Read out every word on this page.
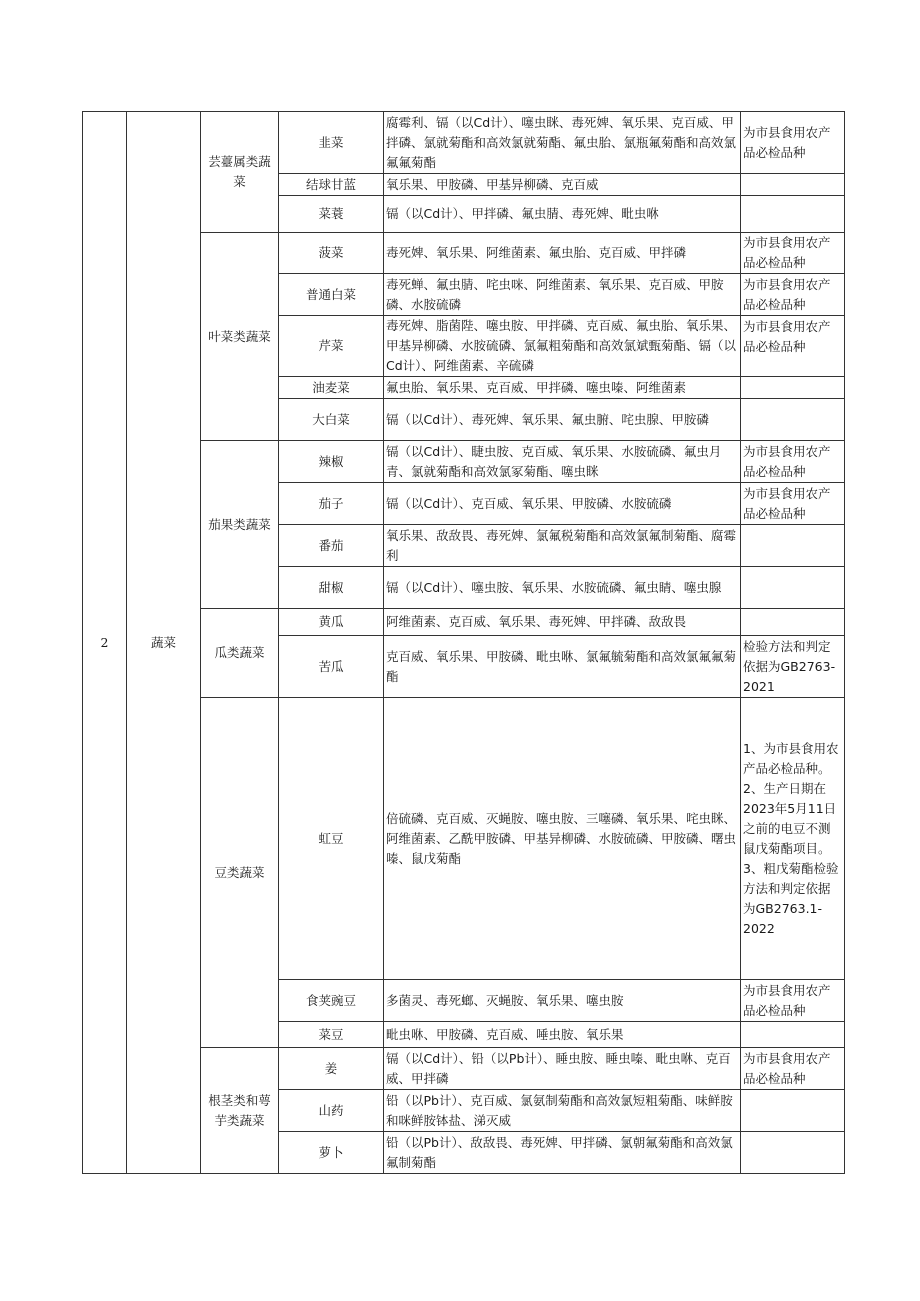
2	蔬菜	芸薹属类蔬菜	韭菜	腐霉利、镉（以Cd计）、噻虫眯、毒死婢、氧乐果、克百威、甲拌磷、氯就菊酯和高效氯就菊酯、氟虫胎、氯瓶氟菊酯和高效氯氟氟菊酯	为市县食用农产品必检品种
			结球甘蓝	氧乐果、甲胺磷、甲基异柳磷、克百威	
			菜蓑	镉（以Cd计）、甲拌磷、氟虫腈、毒死婢、毗虫咻	
		叶菜类蔬菜	菠菜	毒死婢、氧乐果、阿维菌素、氟虫胎、克百威、甲拌磷	为市县食用农产品必检品种
			普通白菜	毒死蝉、氟虫腈、咤虫咪、阿维菌素、氧乐果、克百威、甲胺磷、水胺硫磷	为市县食用农产品必检品种
			芹菜	毒死婢、脂菌陛、噻虫胺、甲拌磷、克百威、氟虫胎、氧乐果、甲基异柳磷、水胺硫磷、氯氟粗菊酯和高效氯斌甄菊酯、镉（以Cd计）、阿维菌素、辛硫磷	为市县食用农产品必检品种
			油麦菜	氟虫胎、氧乐果、克百威、甲拌磷、噻虫嗪、阿维菌素	
			大白菜	镉（以Cd计）、毒死婢、氧乐果、氟虫腑、咤虫腺、甲胺磷	
		茄果类蔬菜	辣椒	镉（以Cd计）、睫虫胺、克百威、氧乐果、水胺硫磷、氟虫月青、氯就菊酯和高效氯冢菊酯、噻虫眯	为市县食用农产品必检品种
			茄子	镉（以Cd计）、克百威、氧乐果、甲胺磷、水胺硫磷	为市县食用农产品必检品种
			番茄	氧乐果、敌敌畏、毒死婢、氯氟税菊酯和高效氯氟制菊酯、腐霉利	
			甜椒	镉（以Cd计）、噻虫胺、氧乐果、水胺硫磷、氟虫睛、噻虫腺	
		瓜类蔬菜	黄瓜	阿维菌素、克百威、氧乐果、毒死婢、甲拌磷、敌敌畏	
			苦瓜	克百威、氧乐果、甲胺磷、毗虫咻、氯氟毓菊酯和高效氯氟氟菊酯	检验方法和判定依据为GB2763-2021
		豆类蔬菜	虹豆	倍硫磷、克百威、灭蝇胺、噻虫胺、三噻磷、氧乐果、咤虫眯、阿维菌素、乙酰甲胺磷、甲基异柳磷、水胺硫磷、甲胺磷、曙虫嗪、鼠戊菊酯	1、为市县食用农产品必检品种。2、生产日期在2023年5月11日之前的电豆不测鼠戊菊酯项目。3、粗戊菊酯检验方法和判定依据为GB2763.1-2022
			食荚豌豆	多菌灵、毒死螂、灭蝇胺、氧乐果、噻虫胺	为市县食用农产品必检品种
			菜豆	毗虫咻、甲胺磷、克百威、唾虫胺、氧乐果	
		根茎类和萼芋类蔬菜	姜	镉（以Cd计）、铅（以Pb计）、睡虫胺、睡虫嗪、毗虫咻、克百威、甲拌磷	为市县食用农产品必检品种
			山药	铅（以Pb计）、克百威、氯氨制菊酯和高效氯短粗菊酯、味鲜胺和咪鲜胺钵盐、涕灭威	
			萝卜	铅（以Pb计）、敌敌畏、毒死婢、甲拌磷、氯朝氟菊酯和高效氯氟制菊酯	
